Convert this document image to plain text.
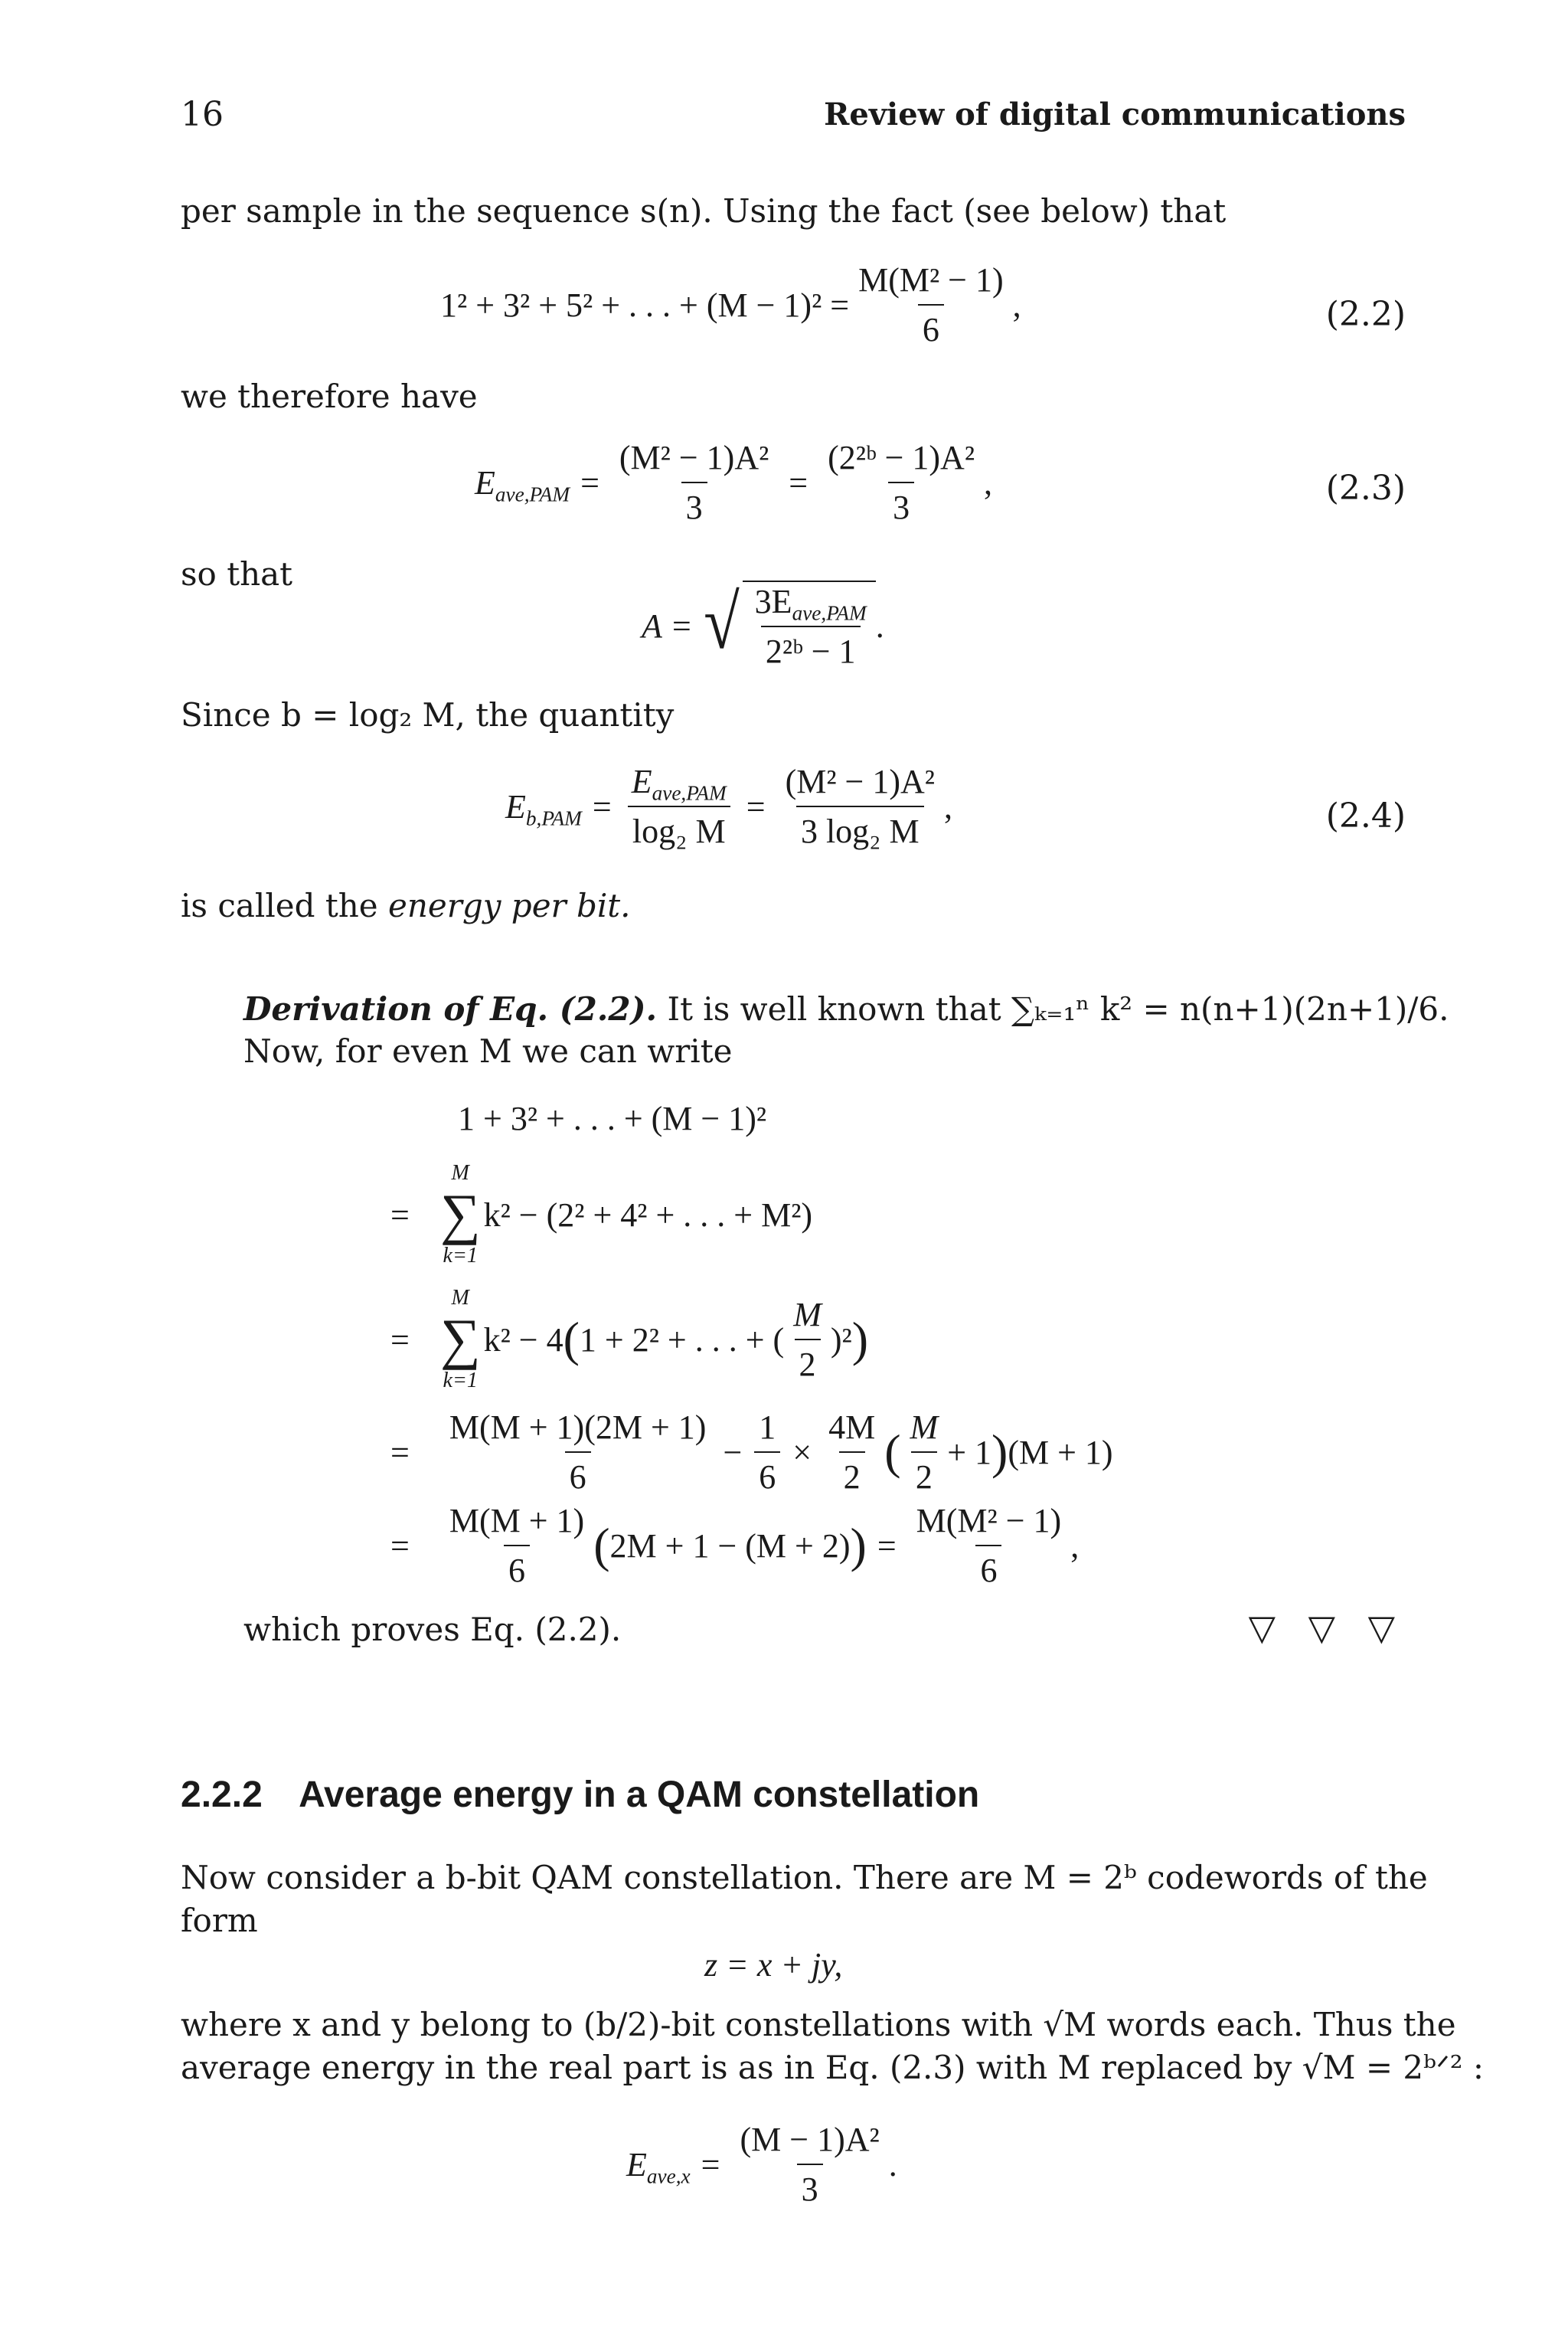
16	Review of digital communications
per sample in the sequence s(n). Using the fact (see below) that
1² + 3² + 5² + . . . + $(M - 1)^2 = \frac{\text{M(M² − 1)}}{6}$ ,	(2.2)
we therefore have
$E_{ave,PAM} = \frac{\text{(M² − 1)A²}}{3} = \frac{\text{(2²ᵇ − 1)A²}}{3}$ ,	(2.3)
so that
A = √ $\frac{3E_{ave,PAM}}{\text{2²ᵇ − 1}}$ .
Since b = log₂ M, the quantity
$E_{b,PAM} = \frac{E_{ave,PAM}}{\text{log₂ M}} = \frac{\text{(M² − 1)A²}}{\text{3 log₂ M}}$ ,	(2.4)
is called the energy per bit.
Derivation of Eq. (2.2). It is well known that ∑ₖ₌₁ⁿ k² = n(n+1)(2n+1)/6.
Now, for even M we can write
1 + 3² + . . . + (M − 1)²
=
M
∑
k=1
k² − (2² + 4² + . . . + M²)
=
M
∑
k=1
k² − 4 ( 1 + 2² + . . . + ( $\frac{M}{2} )^2$ )
= $\frac{M(M + 1)(2M + 1)}{6} - \frac{1}{6} \times \frac{4M}{2}$ ( $\frac{M}{2} + 1$ ) (M + 1)
= $\frac{M(M + 1)}{6}$ ( 2M + 1 − (M + 2) ) = $\frac{\text{M(M² − 1)}}{6}$ ,
which proves Eq. (2.2).	▽ ▽ ▽
2.2.2 Average energy in a QAM constellation
Now consider a b-bit QAM constellation. There are M = 2ᵇ codewords of the
form
z = x + jy,
where x and y belong to (b/2)-bit constellations with √M words each. Thus the
average energy in the real part is as in Eq. (2.3) with M replaced by √M = 2ᵇᐟ² :
$E_{ave,x} = \frac{\text{(M − 1)A²}}{3}$ .
